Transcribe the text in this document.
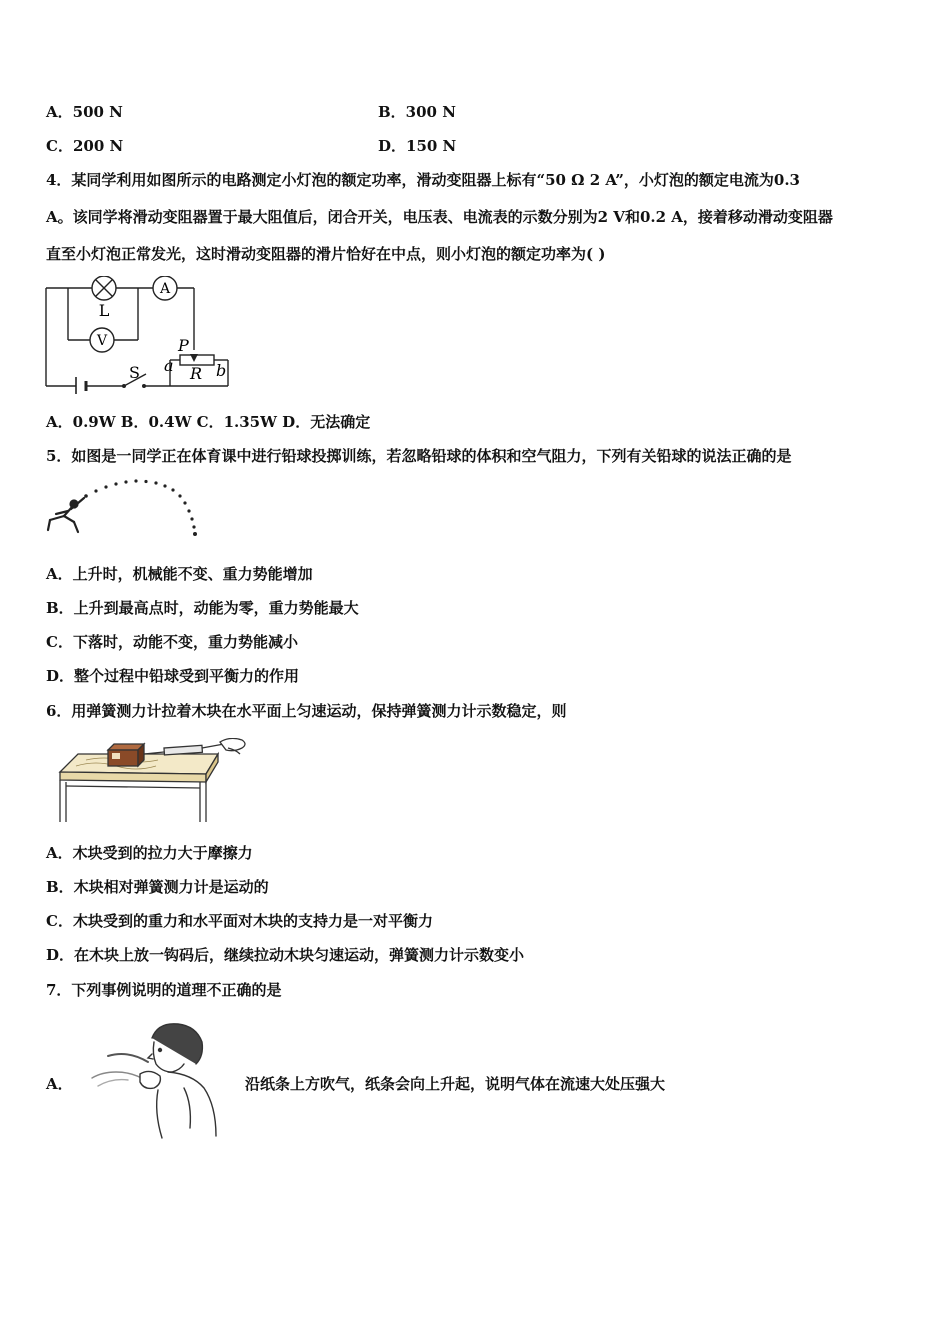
A．500 N	B．300 N
C．200 N	D．150 N
4．某同学利用如图所示的电路测定小灯泡的额定功率，滑动变阻器上标有“50 Ω 2 A”，小灯泡的额定电流为0.3
A。该同学将滑动变阻器置于最大阻值后，闭合开关，电压表、电流表的示数分别为2 V和0.2 A，接着移动滑动变阻器
直至小灯泡正常发光，这时滑动变阻器的滑片恰好在中点，则小灯泡的额定功率为( )
L
A
V
S
P
a R b
A．0.9W B．0.4W C．1.35W D．无法确定
5．如图是一同学正在体育课中进行铅球投掷训练，若忽略铅球的体积和空气阻力，下列有关铅球的说法正确的是
A．上升时，机械能不变、重力势能增加
B．上升到最高点时，动能为零，重力势能最大
C．下落时，动能不变，重力势能减小
D．整个过程中铅球受到平衡力的作用
6．用弹簧测力计拉着木块在水平面上匀速运动，保持弹簧测力计示数稳定，则
A．木块受到的拉力大于摩擦力
B．木块相对弹簧测力计是运动的
C．木块受到的重力和水平面对木块的支持力是一对平衡力
D．在木块上放一钩码后，继续拉动木块匀速运动，弹簧测力计示数变小
7．下列事例说明的道理不正确的是
A．	沿纸条上方吹气，纸条会向上升起，说明气体在流速大处压强大
